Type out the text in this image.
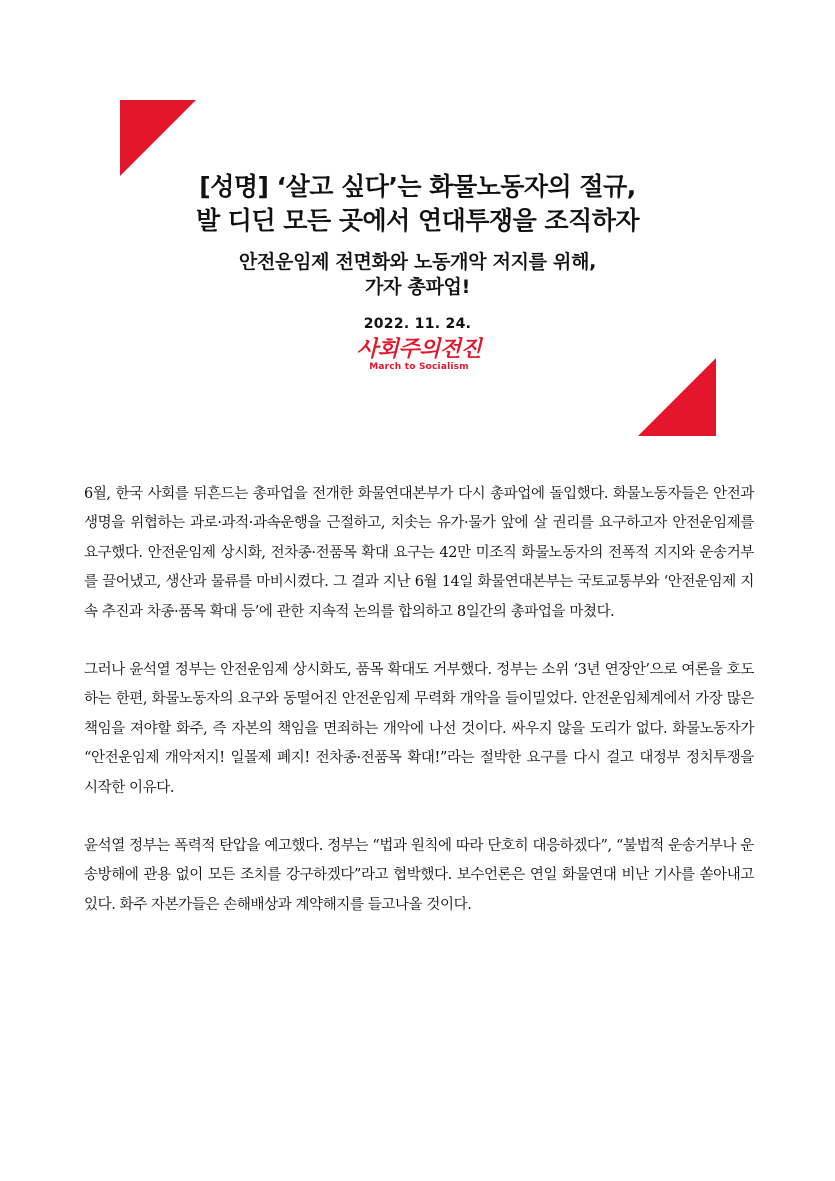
[성명] ‘살고 싶다’는 화물노동자의 절규,
발 디딘 모든 곳에서 연대투쟁을 조직하자
안전운임제 전면화와 노동개악 저지를 위해,
가자 총파업!
2022. 11. 24.
사회주의전진
March to Socialism

6월, 한국 사회를 뒤흔드는 총파업을 전개한 화물연대본부가 다시 총파업에 돌입했다. 화물노동자들은 안전과 생명을 위협하는 과로·과적·과속운행을 근절하고, 치솟는 유가·물가 앞에 살 권리를 요구하고자 안전운임제를 요구했다. 안전운임제 상시화, 전차종·전품목 확대 요구는 42만 미조직 화물노동자의 전폭적 지지와 운송거부를 끌어냈고, 생산과 물류를 마비시켰다. 그 결과 지난 6월 14일 화물연대본부는 국토교통부와 ‘안전운임제 지속 추진과 차종·품목 확대 등’에 관한 지속적 논의를 합의하고 8일간의 총파업을 마쳤다.

그러나 윤석열 정부는 안전운임제 상시화도, 품목 확대도 거부했다. 정부는 소위 ‘3년 연장안’으로 여론을 호도하는 한편, 화물노동자의 요구와 동떨어진 안전운임제 무력화 개악을 들이밀었다. 안전운임체계에서 가장 많은 책임을 져야할 화주, 즉 자본의 책임을 면죄하는 개악에 나선 것이다. 싸우지 않을 도리가 없다. 화물노동자가 “안전운임제 개악저지! 일몰제 폐지! 전차종·전품목 확대!”라는 절박한 요구를 다시 걸고 대정부 정치투쟁을 시작한 이유다.

윤석열 정부는 폭력적 탄압을 예고했다. 정부는 “법과 원칙에 따라 단호히 대응하겠다”, “불법적 운송거부나 운송방해에 관용 없이 모든 조치를 강구하겠다”라고 협박했다. 보수언론은 연일 화물연대 비난 기사를 쏟아내고 있다. 화주 자본가들은 손해배상과 계약해지를 들고나올 것이다.
